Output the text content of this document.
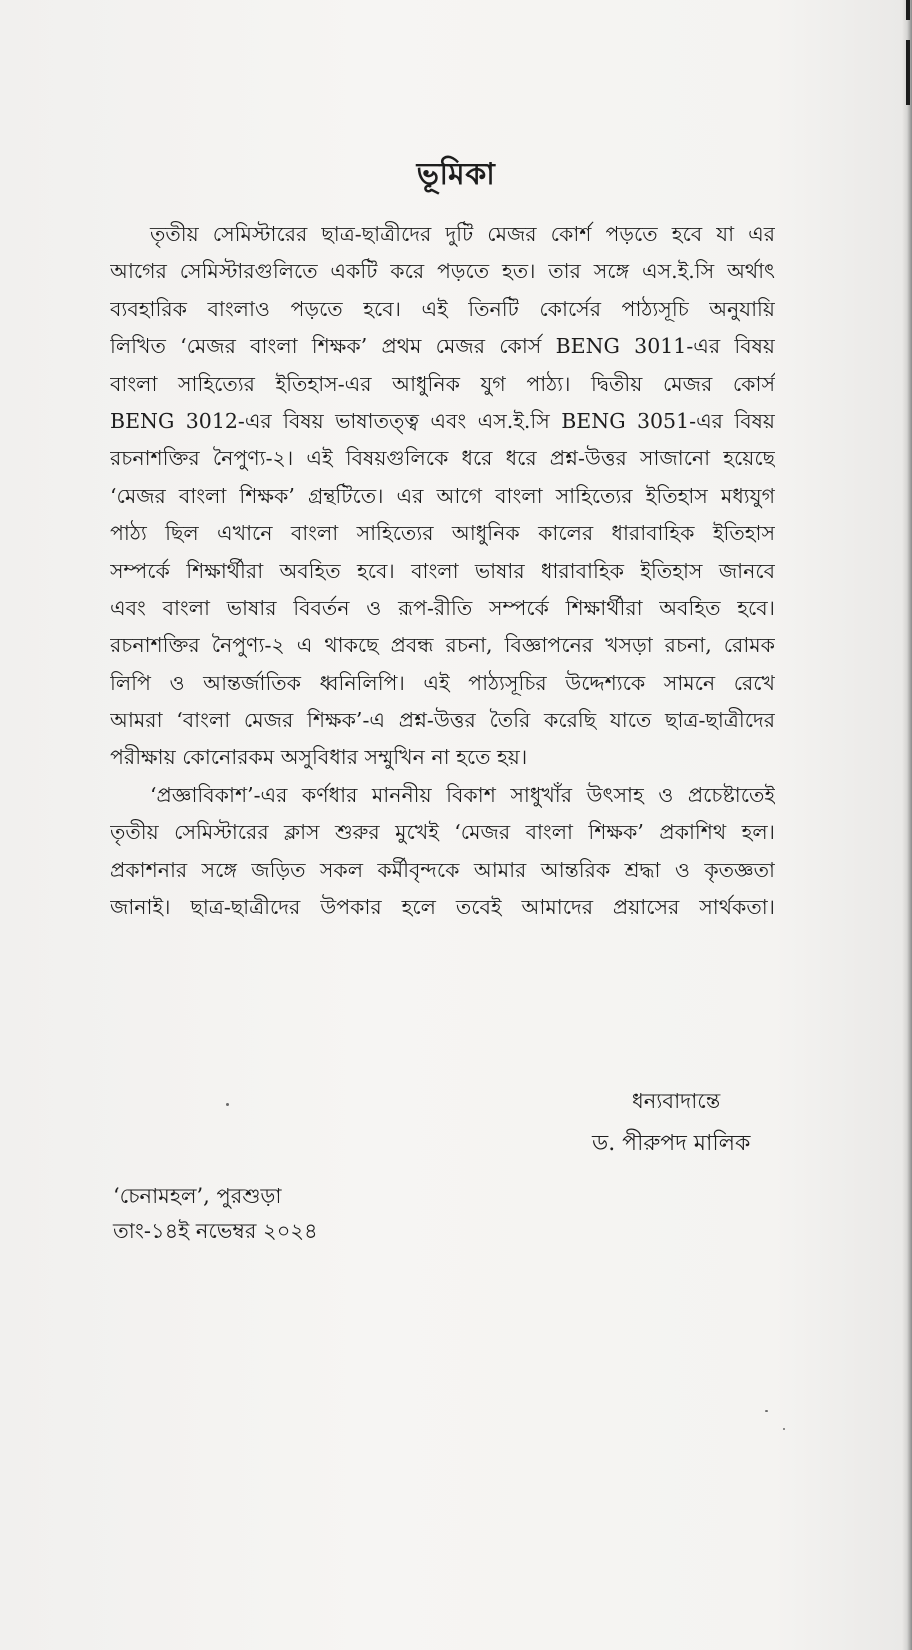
ভূমিকা
তৃতীয় সেমিস্টারের ছাত্র-ছাত্রীদের দুটি মেজর কোর্শ পড়তে হবে যা এর
আগের সেমিস্টারগুলিতে একটি করে পড়তে হত। তার সঙ্গে এস.ই.সি অর্থাৎ
ব্যবহারিক বাংলাও পড়তে হবে। এই তিনটি কোর্সের পাঠ্যসূচি অনুযায়ি
লিখিত ‘মেজর বাংলা শিক্ষক’ প্রথম মেজর কোর্স BENG 3011-এর বিষয়
বাংলা সাহিত্যের ইতিহাস-এর আধুনিক যুগ পাঠ্য। দ্বিতীয় মেজর কোর্স
BENG 3012-এর বিষয় ভাষাতত্ত্ব এবং এস.ই.সি BENG 3051-এর বিষয়
রচনাশক্তির নৈপুণ্য-২। এই বিষয়গুলিকে ধরে ধরে প্রশ্ন-উত্তর সাজানো হয়েছে
‘মেজর বাংলা শিক্ষক’ গ্রন্থটিতে। এর আগে বাংলা সাহিত্যের ইতিহাস মধ্যযুগ
পাঠ্য ছিল এখানে বাংলা সাহিত্যের আধুনিক কালের ধারাবাহিক ইতিহাস
সম্পর্কে শিক্ষার্থীরা অবহিত হবে। বাংলা ভাষার ধারাবাহিক ইতিহাস জানবে
এবং বাংলা ভাষার বিবর্তন ও রূপ-রীতি সম্পর্কে শিক্ষার্থীরা অবহিত হবে।
রচনাশক্তির নৈপুণ্য-২ এ থাকছে প্রবন্ধ রচনা, বিজ্ঞাপনের খসড়া রচনা, রোমক
লিপি ও আন্তর্জাতিক ধ্বনিলিপি। এই পাঠ্যসূচির উদ্দেশ্যকে সামনে রেখে
আমরা ‘বাংলা মেজর শিক্ষক’-এ প্রশ্ন-উত্তর তৈরি করেছি যাতে ছাত্র-ছাত্রীদের
পরীক্ষায় কোনোরকম অসুবিধার সম্মুখিন না হতে হয়।
‘প্রজ্ঞাবিকাশ’-এর কর্ণধার মাননীয় বিকাশ সাধুখাঁর উৎসাহ ও প্রচেষ্টাতেই
তৃতীয় সেমিস্টারের ক্লাস শুরুর মুখেই ‘মেজর বাংলা শিক্ষক’ প্রকাশিথ হল।
প্রকাশনার সঙ্গে জড়িত সকল কর্মীবৃন্দকে আমার আন্তরিক শ্রদ্ধা ও কৃতজ্ঞতা
জানাই। ছাত্র-ছাত্রীদের উপকার হলে তবেই আমাদের প্রয়াসের সার্থকতা।
ধন্যবাদান্তে
ড. পীরুপদ মালিক
‘চেনামহল’, পুরশুড়া
তাং-১৪ই নভেম্বর ২০২৪
